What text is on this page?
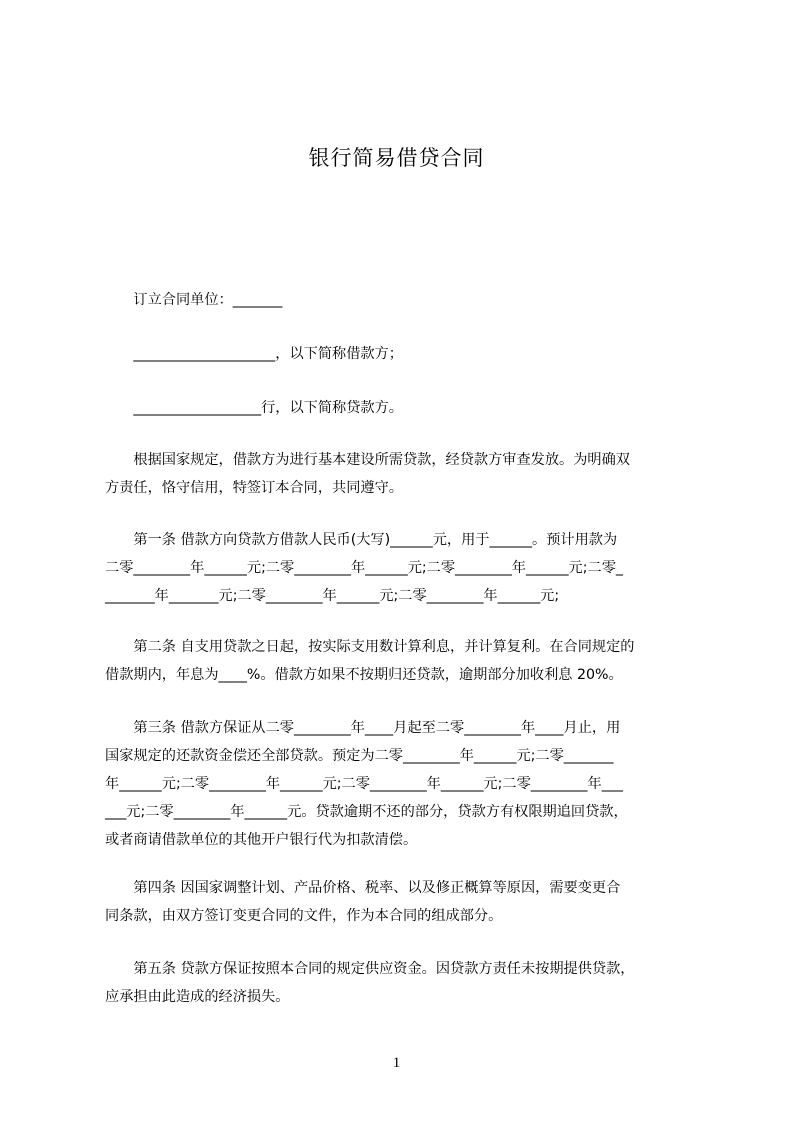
银行简易借贷合同
　　订立合同单位：_______
　　____________________，以下简称借款方；
　　__________________行，以下简称贷款方。
　　根据国家规定，借款方为进行基本建设所需贷款，经贷款方审查发放。为明确双
方责任，恪守信用，特签订本合同，共同遵守。
　　第一条 借款方向贷款方借款人民币(大写)______元，用于______。预计用款为
二零________年______元;二零________年______元;二零________年______元;二零_
_______年_______元;二零________年______元;二零________年______元;
　　第二条 自支用贷款之日起，按实际支用数计算利息，并计算复利。在合同规定的
借款期内，年息为____%。借款方如果不按期归还贷款，逾期部分加收利息 20%。
　　第三条 借款方保证从二零________年____月起至二零________年____月止，用
国家规定的还款资金偿还全部贷款。预定为二零________年______元;二零_______
年______元;二零________年______元;二零________年______元;二零________年___
___元;二零________年______元。贷款逾期不还的部分，贷款方有权限期追回贷款，
或者商请借款单位的其他开户银行代为扣款清偿。
　　第四条 因国家调整计划、产品价格、税率、以及修正概算等原因，需要变更合
同条款，由双方签订变更合同的文件，作为本合同的组成部分。
　　第五条 贷款方保证按照本合同的规定供应资金。因贷款方责任未按期提供贷款，
应承担由此造成的经济损失。
1
